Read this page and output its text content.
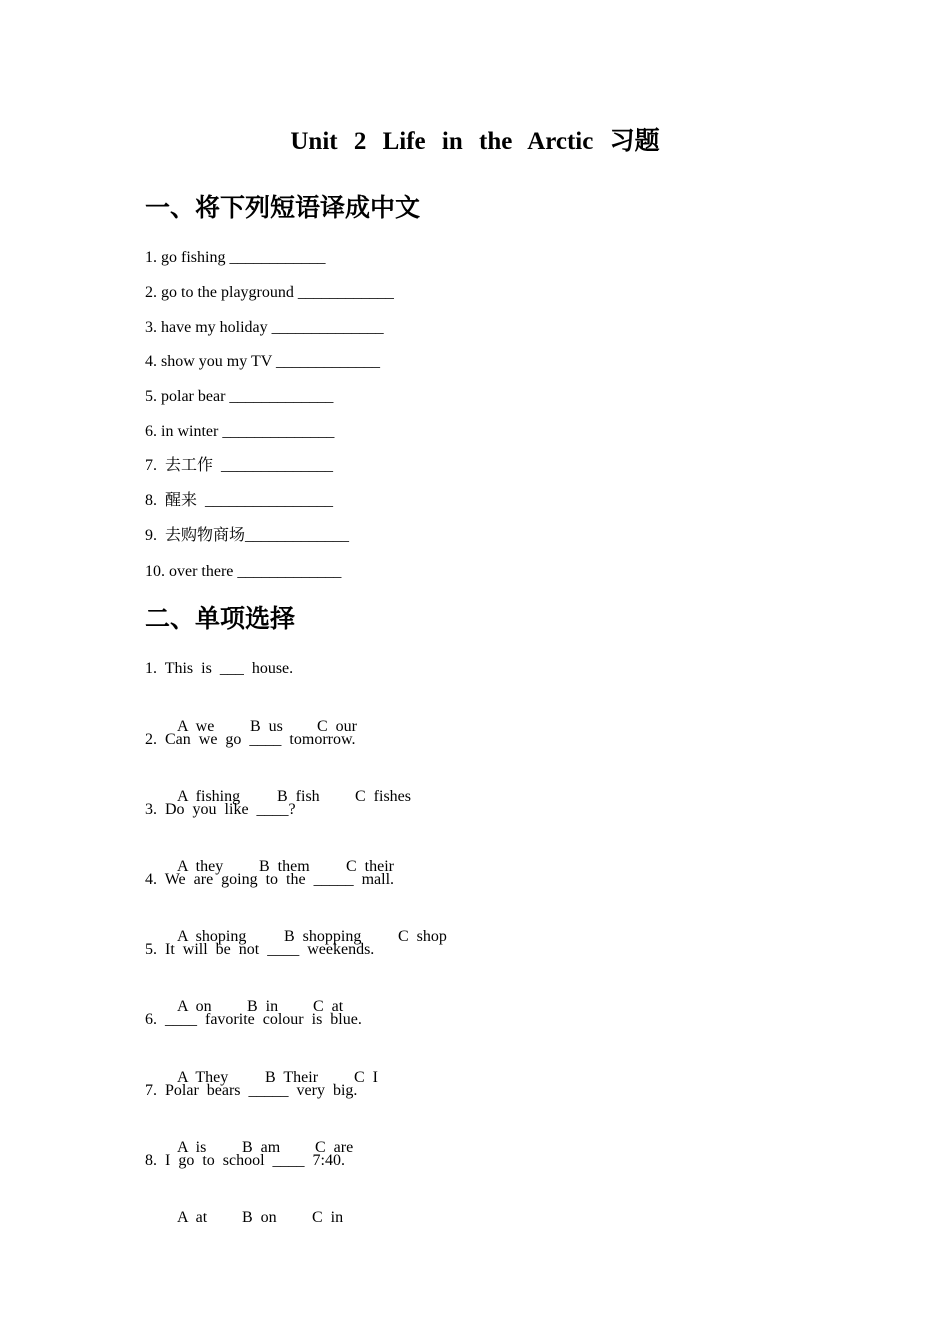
Unit 2 Life in the Arctic 习题
一、将下列短语译成中文
1. go fishing ____________
2. go to the playground ____________
3. have my holiday ______________
4. show you my TV _____________
5. polar bear _____________
6. in winter ______________
7.  去工作  ______________
8.  醒来  ________________
9.  去购物商场_____________
10. over there _____________
二、单项选择
1.  This  is  ___  house.

A  we B  us C  our

2.  Can  we  go  ____  tomorrow.

A  fishing B  fish C  fishes

3.  Do  you  like  ____?

A  they B  them C  their

4.  We  are  going  to  the  _____  mall.

A  shoping B  shopping C  shop

5.  It  will  be  not  ____  weekends.

A  on B  in C  at

6.  ____  favorite  colour  is  blue.

A  They B  Their C  I

7.  Polar  bears  _____  very  big.

A  is B  am C  are

8.  I  go  to  school  ____  7:40.

A  at B  on C  in
